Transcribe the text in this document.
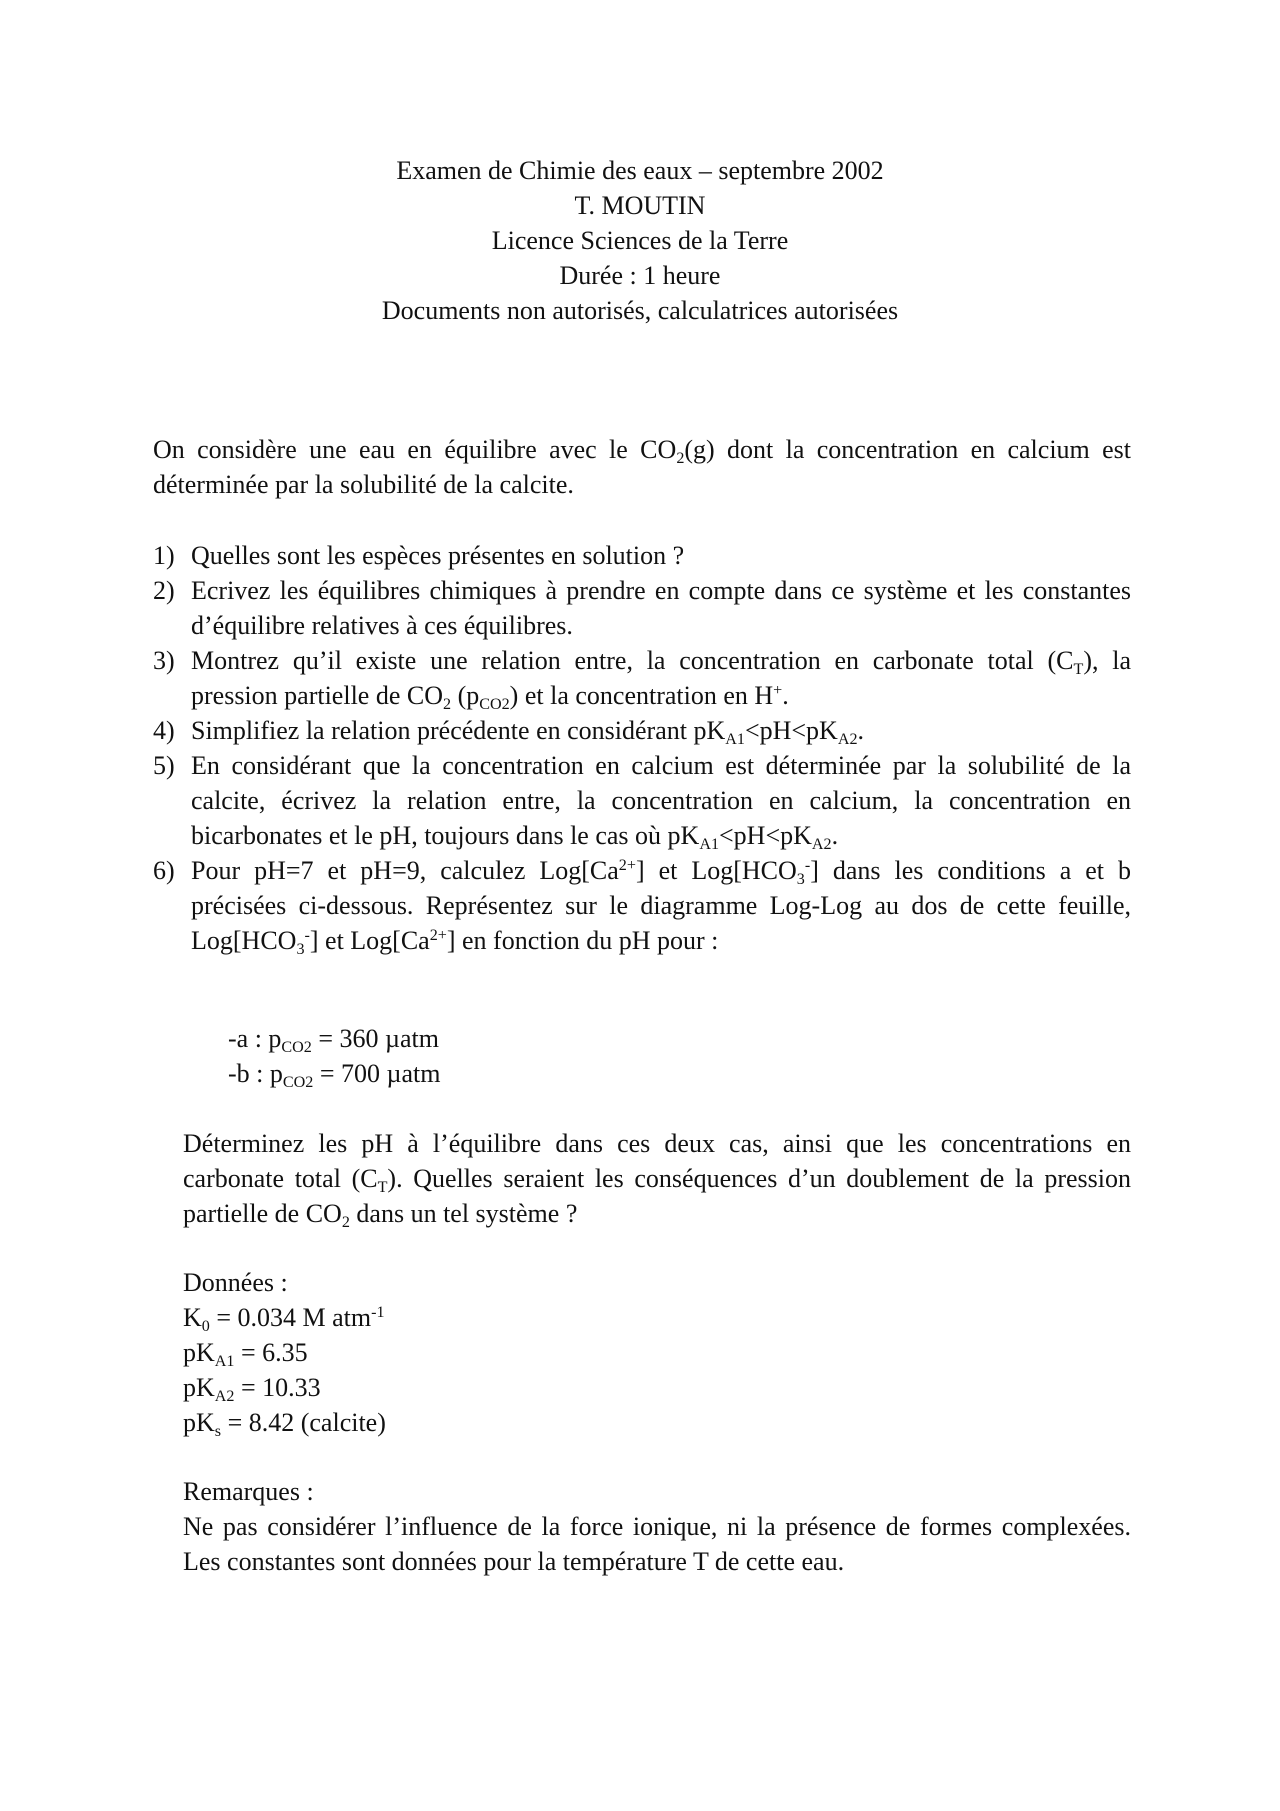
Examen de Chimie des eaux – septembre 2002
T. MOUTIN
Licence Sciences de la Terre
Durée : 1 heure
Documents non autorisés, calculatrices autorisées

On considère une eau en équilibre avec le $CO_2(g)$ dont la concentration en calcium est déterminée par la solubilité de la calcite.

1) Quelles sont les espèces présentes en solution ?
2) Ecrivez les équilibres chimiques à prendre en compte dans ce système et les constantes d’équilibre relatives à ces équilibres.
3) Montrez qu’il existe une relation entre, la concentration en carbonate total $(C_T)$, la pression partielle de $CO_2$ $(p_{CO2})$ et la concentration en H+.
4) Simplifiez la relation précédente en considérant $pK_{A1}<pH<pK_{A2}$.
5) En considérant que la concentration en calcium est déterminée par la solubilité de la calcite, écrivez la relation entre, la concentration en calcium, la concentration en bicarbonates et le pH, toujours dans le cas où $pK_{A1}<pH<pK_{A2}$.
6) Pour pH=7 et pH=9, calculez $Log[Ca^{2+}]$ et $Log[HCO_3^-]$ dans les conditions a et b précisées ci-dessous. Représentez sur le diagramme Log-Log au dos de cette feuille, $Log[HCO_3^-]$ et $Log[Ca^{2+}]$ en fonction du pH pour :
-a : $p_{CO2} = 360$ µatm
-b : $p_{CO2} = 700$ µatm

Déterminez les pH à l’équilibre dans ces deux cas, ainsi que les concentrations en carbonate total $(C_T)$. Quelles seraient les conséquences d’un doublement de la pression partielle de $CO_2$ dans un tel système ?

Données :
$K_0 = 0.034$ M atm$^{-1}$
$pK_{A1} = 6.35$
$pK_{A2} = 10.33$
$pK_s = 8.42$ (calcite)
Remarques :
Ne pas considérer l’influence de la force ionique, ni la présence de formes complexées. Les constantes sont données pour la température T de cette eau.
